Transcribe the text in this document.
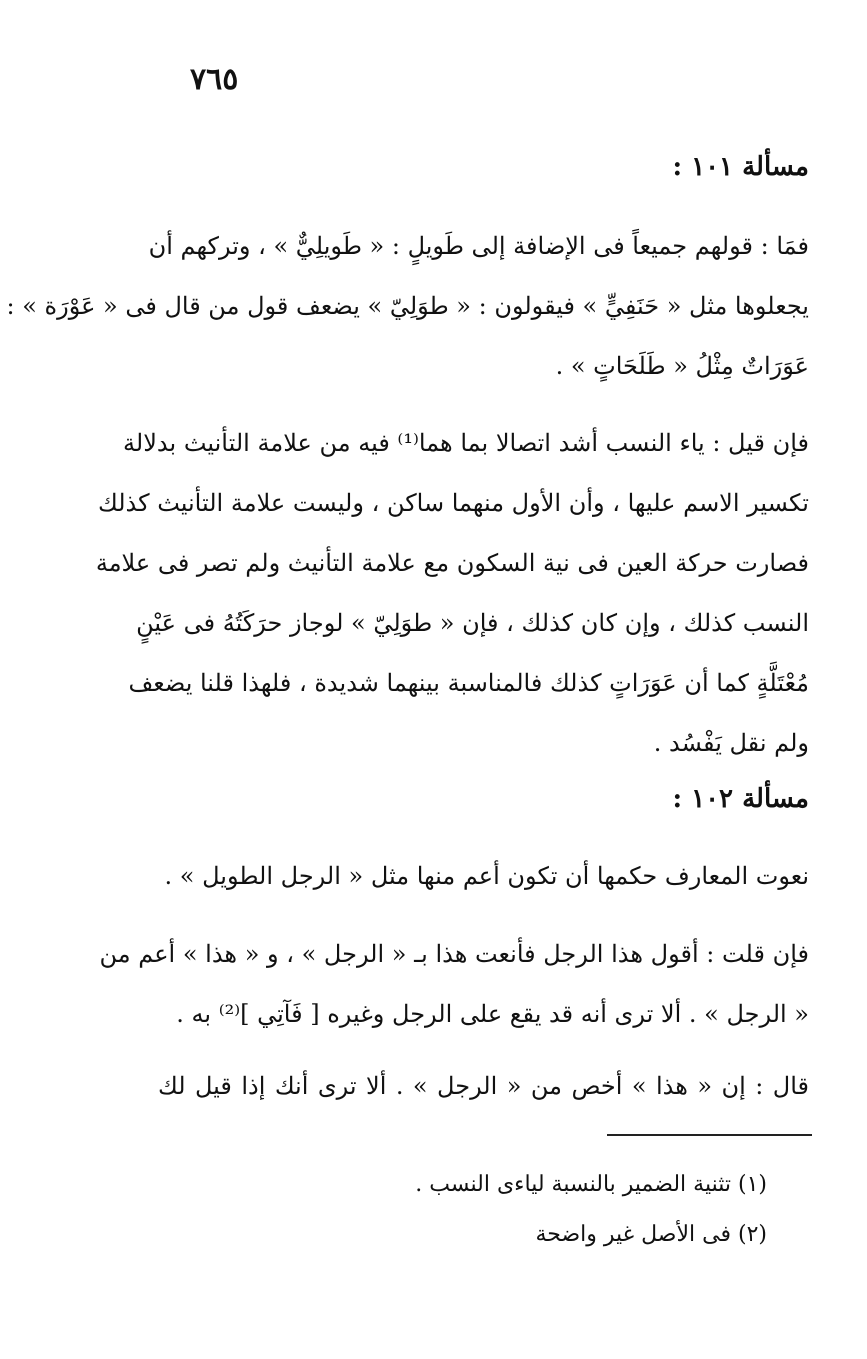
٧٦٥
مسألة ١٠١ :
فمَا : قولهم جميعاً فى الإضافة إلى طَويلٍ : « طَويلِيٌّ » ، وتركهم أن
يجعلوها مثل « حَنَفِيٍّ » فيقولون : « طوَلِيّ » يضعف قول من قال فى « عَوْرَة » :
عَوَرَاتٌ مِثْلُ « طَلَحَاتٍ » .
فإن قيل : ياء النسب أشد اتصالا بما هما⁽¹⁾ فيه من علامة التأنيث بدلالة
تكسير الاسم عليها ، وأن الأول منهما ساكن ، وليست علامة التأنيث كذلك
فصارت حركة العين فى نية السكون مع علامة التأنيث ولم تصر فى علامة
النسب كذلك ، وإن كان كذلك ، فإن « طوَلِيّ » لوجاز حرَكَتُهُ فى عَيْنٍ
مُعْتَلَّةٍ كما أن عَوَرَاتٍ كذلك فالمناسبة بينهما شديدة ، فلهذا قلنا يضعف
ولم نقل يَفْسُد .
مسألة ١٠٢ :
نعوت المعارف حكمها أن تكون أعم منها مثل « الرجل الطويل » .
فإن قلت : أقول هذا الرجل فأنعت هذا بـ « الرجل » ، و « هذا » أعم من
« الرجل » . ألا ترى أنه قد يقع على الرجل وغيره [ فَآتِي ]⁽²⁾ به .
قال : إن « هذا » أخص من « الرجل » . ألا ترى أنك إذا قيل لك
(١) تثنية الضمير بالنسبة لياءى النسب .
(٢) فى الأصل غير واضحة
